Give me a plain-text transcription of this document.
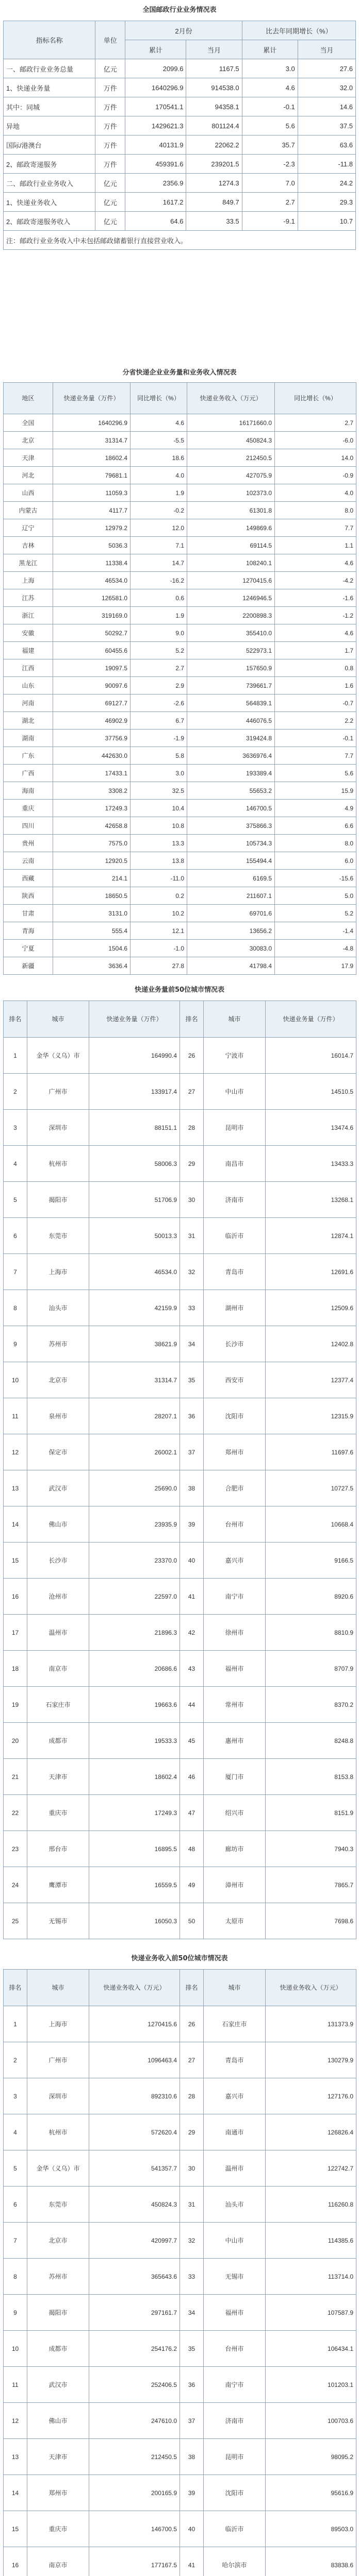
全国邮政行业业务情况表
指标名称	单位	2月份		比去年同期增长（%）	
		累计	当月	累计	当月
一、邮政行业业务总量	亿元	2099.6	1167.5	3.0	27.6
1、快递业务量	万件	1640296.9	914538.0	4.6	32.0
其中：同城	万件	170541.1	94358.1	-0.1	14.6
异地	万件	1429621.3	801124.4	5.6	37.5
国际/港澳台	万件	40131.9	22062.2	35.7	63.6
2、邮政寄递服务	万件	459391.6	239201.5	-2.3	-11.8
二、邮政行业业务收入	亿元	2356.9	1274.3	7.0	24.2
1、快递业务收入	亿元	1617.2	849.7	2.7	29.3
2、邮政寄递服务收入	亿元	64.6	33.5	-9.1	10.7
注：邮政行业业务收入中未包括邮政储蓄银行直接营业收入。					
分省快递企业业务量和业务收入情况表
地区	快递业务量（万件）	同比增长（%）	快递业务收入（万元）	同比增长（%）
全国	1640296.9	4.6	16171660.0	2.7
北京	31314.7	-5.5	450824.3	-6.0
天津	18602.4	18.6	212450.5	14.0
河北	79681.1	4.0	427075.9	-0.9
山西	11059.3	1.9	102373.0	4.0
内蒙古	4117.7	-0.2	61301.8	8.0
辽宁	12979.2	12.0	149869.6	7.7
吉林	5036.3	7.1	69114.5	1.1
黑龙江	11338.4	14.7	108240.1	4.6
上海	46534.0	-16.2	1270415.6	-4.2
江苏	126581.0	0.6	1246946.5	-1.6
浙江	319169.0	1.9	2200898.3	-1.2
安徽	50292.7	9.0	355410.0	4.6
福建	60455.6	5.2	522973.1	1.7
江西	19097.5	2.7	157650.9	0.8
山东	90097.6	2.9	739661.7	1.6
河南	69127.7	-2.6	564839.1	-0.7
湖北	46902.9	6.7	446076.5	2.2
湖南	37756.9	-1.9	319424.8	-0.1
广东	442630.0	5.8	3636976.4	7.7
广西	17433.1	3.0	193389.4	5.6
海南	3308.2	32.5	55653.2	15.9
重庆	17249.3	10.4	146700.5	4.9
四川	42658.8	10.8	375866.3	6.6
贵州	7575.0	13.3	105734.3	8.0
云南	12920.5	13.8	155494.4	6.0
西藏	214.1	-11.0	6169.5	-15.6
陕西	18650.5	0.2	211607.1	5.0
甘肃	3131.0	10.2	69701.6	5.2
青海	555.4	12.1	13656.2	-1.4
宁夏	1504.6	-1.0	30083.0	-4.8
新疆	3636.4	27.8	41798.4	17.9
快递业务量前50位城市情况表
排名	城市	快递业务量（万件）	排名	城市	快递业务量（万件）
1	金华（义乌）市	164990.4	26	宁波市	16014.7
2	广州市	133917.4	27	中山市	14510.5
3	深圳市	88151.1	28	昆明市	13474.6
4	杭州市	58006.3	29	南昌市	13433.3
5	揭阳市	51706.9	30	济南市	13268.1
6	东莞市	50013.3	31	临沂市	12874.1
7	上海市	46534.0	32	青岛市	12691.6
8	汕头市	42159.9	33	湖州市	12509.6
9	苏州市	38621.9	34	长沙市	12402.8
10	北京市	31314.7	35	西安市	12377.4
11	泉州市	28207.1	36	沈阳市	12315.9
12	保定市	26002.1	37	郑州市	11697.6
13	武汉市	25690.0	38	合肥市	10727.5
14	佛山市	23935.9	39	台州市	10668.4
15	长沙市	23370.0	40	嘉兴市	9166.5
16	沧州市	22597.0	41	南宁市	8920.6
17	温州市	21896.3	42	徐州市	8810.9
18	南京市	20686.6	43	福州市	8707.9
19	石家庄市	19663.6	44	常州市	8370.2
20	成都市	19533.3	45	惠州市	8248.8
21	天津市	18602.4	46	厦门市	8153.8
22	重庆市	17249.3	47	绍兴市	8151.9
23	邢台市	16895.5	48	廊坊市	7940.3
24	鹰潭市	16559.5	49	漳州市	7865.7
25	无锡市	16050.3	50	太原市	7698.6
快递业务收入前50位城市情况表
排名	城市	快递业务收入（万元）	排名	城市	快递业务收入（万元）
1	上海市	1270415.6	26	石家庄市	131373.9
2	广州市	1096463.4	27	青岛市	130279.9
3	深圳市	892310.6	28	嘉兴市	127176.0
4	杭州市	572620.4	29	南通市	126826.4
5	金华（义乌）市	541357.7	30	温州市	122742.7
6	东莞市	450824.3	31	汕头市	116260.8
7	北京市	420997.7	32	中山市	114385.6
8	苏州市	365643.6	33	无锡市	113714.0
9	揭阳市	297161.7	34	福州市	107587.9
10	成都市	254176.2	35	台州市	106434.1
11	武汉市	252406.5	36	南宁市	101203.1
12	佛山市	247610.0	37	济南市	100703.6
13	天津市	212450.5	38	昆明市	98095.2
14	郑州市	200165.9	39	沈阳市	95616.9
15	重庆市	146700.5	40	临沂市	89503.0
16	南京市	177167.5	41	哈尔滨市	83838.6
